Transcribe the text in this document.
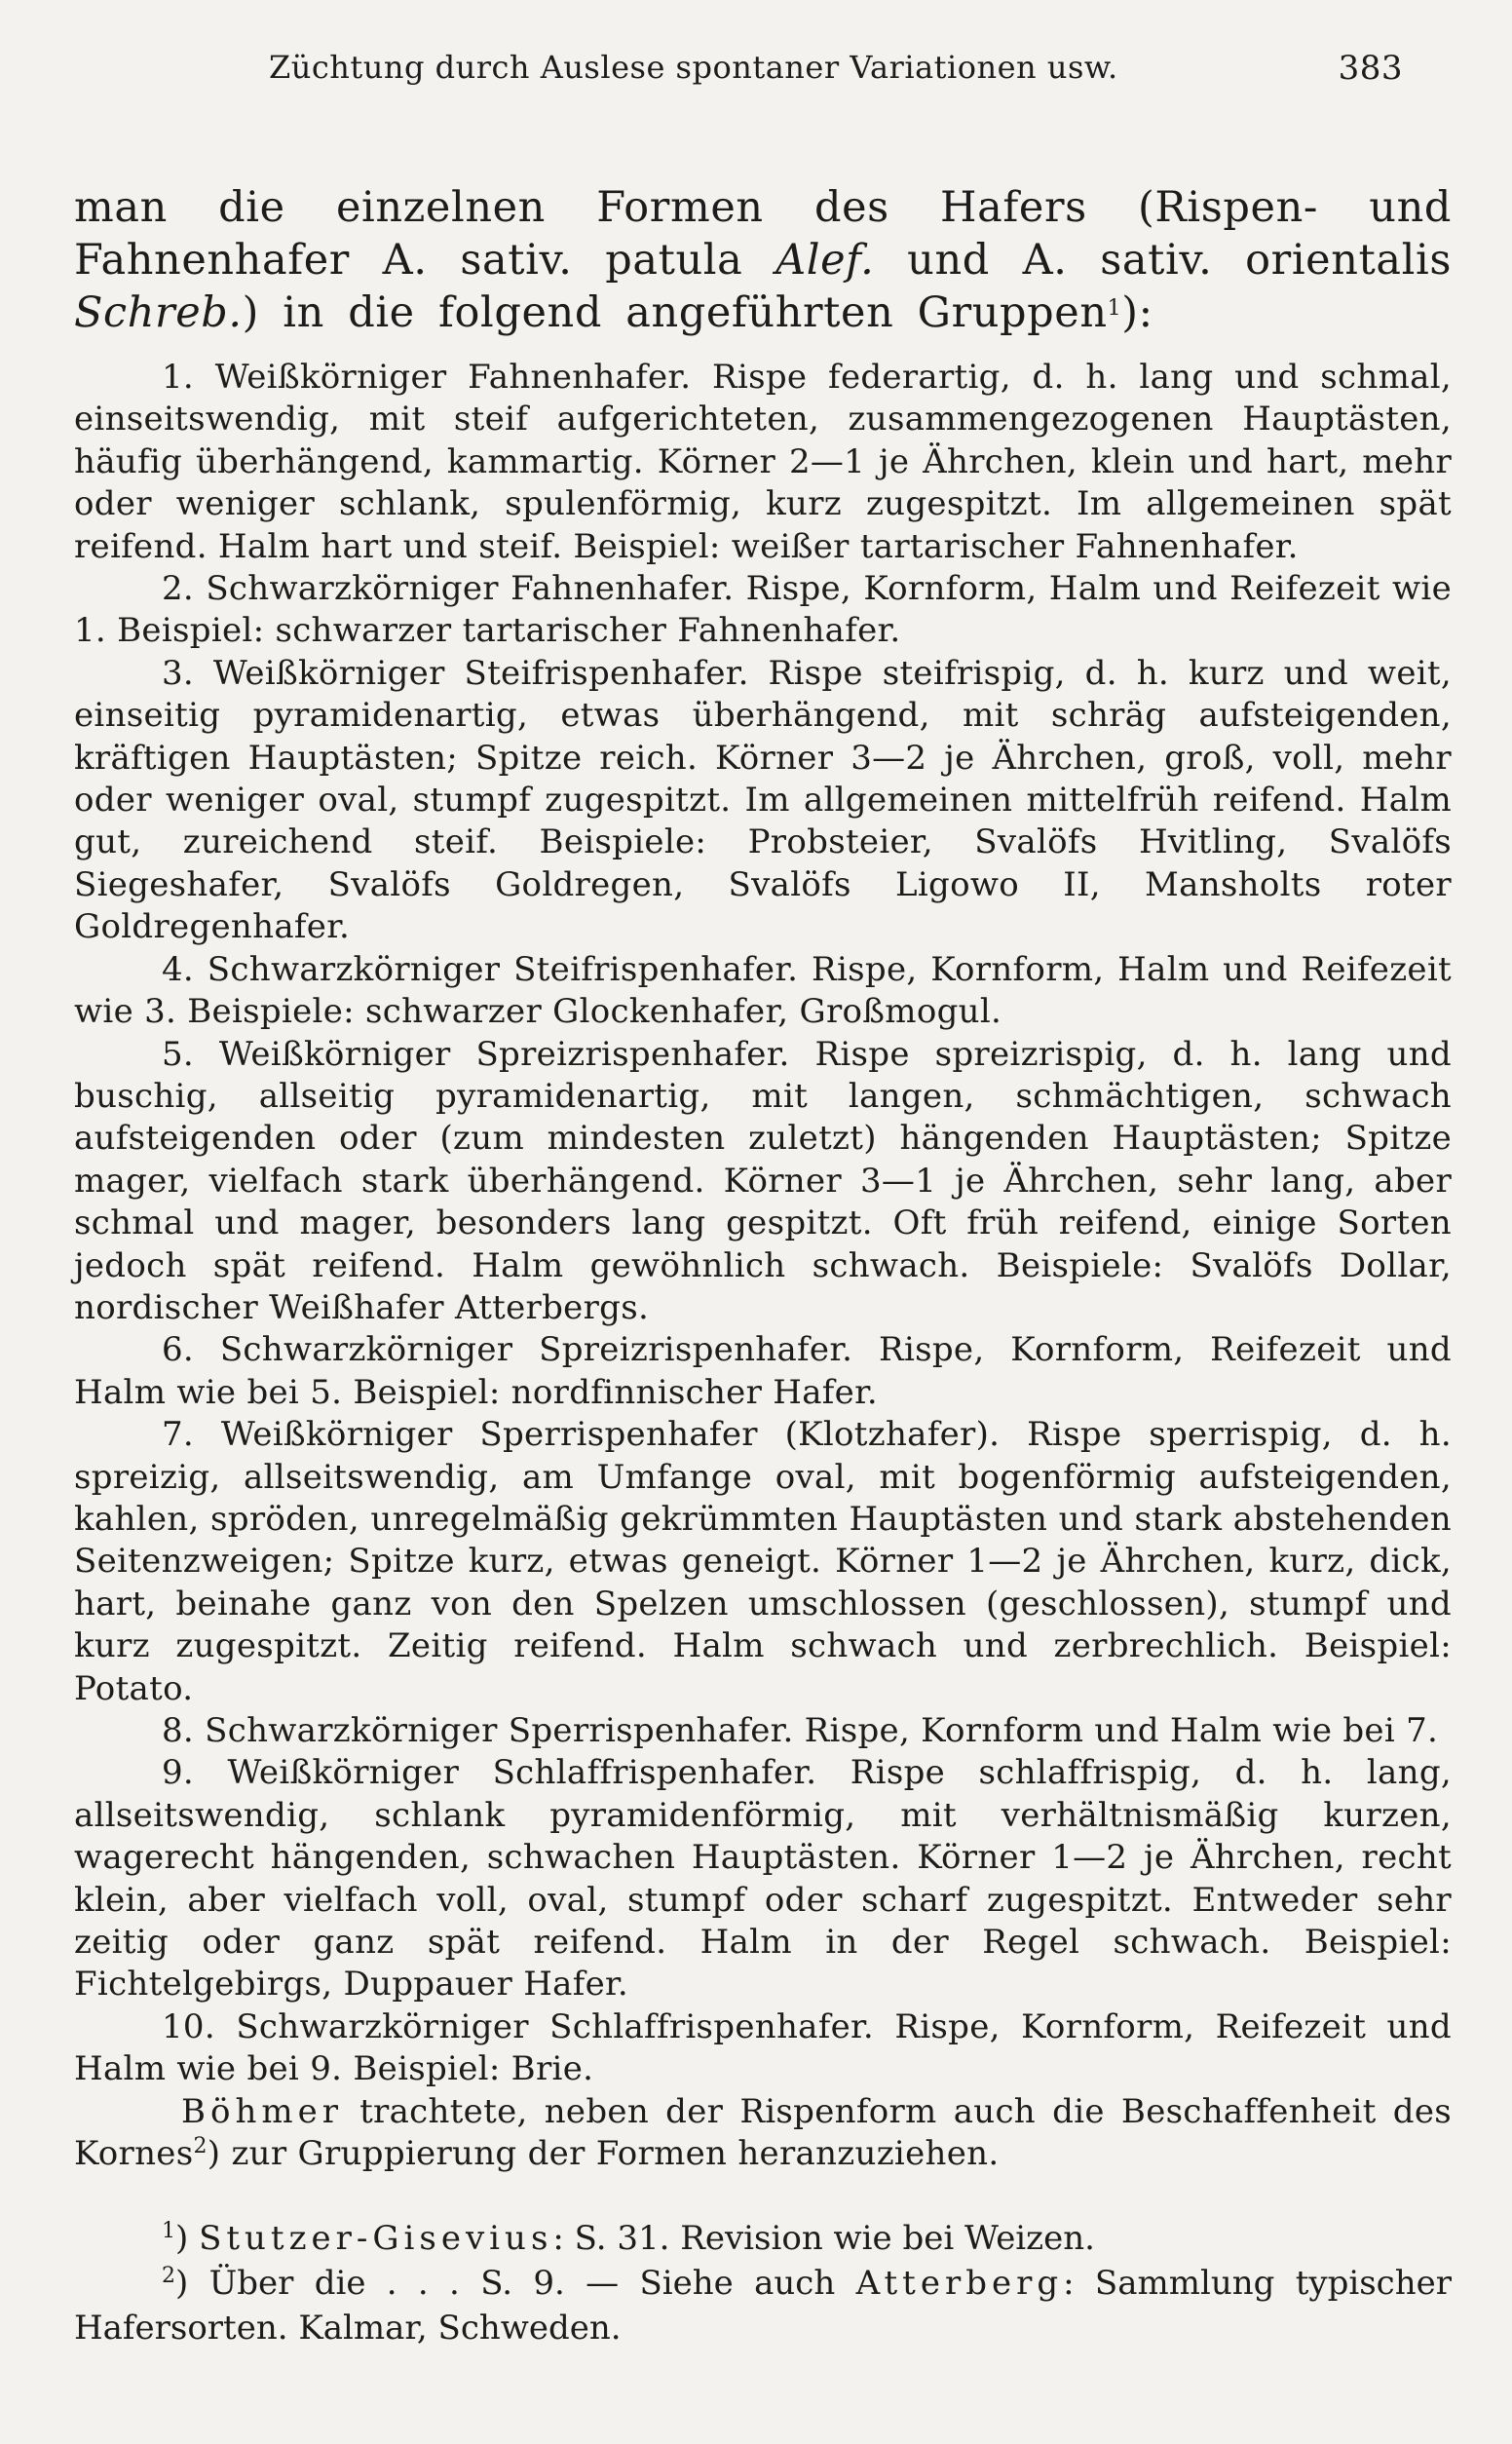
Züchtung durch Auslese spontaner Variationen usw.	383
man die einzelnen Formen des Hafers (Rispen- und Fahnenhafer A. sativ. patula Alef. und A. sativ. orientalis Schreb.) in die folgend angeführten Gruppen$^1$):

1. Weißkörniger Fahnenhafer. Rispe federartig, d. h. lang und schmal, einseitswendig, mit steif aufgerichteten, zusammengezogenen Hauptästen, häufig überhängend, kammartig. Körner 2—1 je Ährchen, klein und hart, mehr oder weniger schlank, spulenförmig, kurz zugespitzt. Im allgemeinen spät reifend. Halm hart und steif. Beispiel: weißer tartarischer Fahnenhafer.

2. Schwarzkörniger Fahnenhafer. Rispe, Kornform, Halm und Reifezeit wie 1. Beispiel: schwarzer tartarischer Fahnenhafer.

3. Weißkörniger Steifrispenhafer. Rispe steifrispig, d. h. kurz und weit, einseitig pyramidenartig, etwas überhängend, mit schräg aufsteigenden, kräftigen Hauptästen; Spitze reich. Körner 3—2 je Ährchen, groß, voll, mehr oder weniger oval, stumpf zugespitzt. Im allgemeinen mittelfrüh reifend. Halm gut, zureichend steif. Beispiele: Probsteier, Svalöfs Hvitling, Svalöfs Siegeshafer, Svalöfs Goldregen, Svalöfs Ligowo II, Mansholts roter Goldregenhafer.

4. Schwarzkörniger Steifrispenhafer. Rispe, Kornform, Halm und Reifezeit wie 3. Beispiele: schwarzer Glockenhafer, Großmogul.

5. Weißkörniger Spreizrispenhafer. Rispe spreizrispig, d. h. lang und buschig, allseitig pyramidenartig, mit langen, schmächtigen, schwach aufsteigenden oder (zum mindesten zuletzt) hängenden Hauptästen; Spitze mager, vielfach stark überhängend. Körner 3—1 je Ährchen, sehr lang, aber schmal und mager, besonders lang gespitzt. Oft früh reifend, einige Sorten jedoch spät reifend. Halm gewöhnlich schwach. Beispiele: Svalöfs Dollar, nordischer Weißhafer Atterbergs.

6. Schwarzkörniger Spreizrispenhafer. Rispe, Kornform, Reifezeit und Halm wie bei 5. Beispiel: nordfinnischer Hafer.

7. Weißkörniger Sperrispenhafer (Klotzhafer). Rispe sperrispig, d. h. spreizig, allseitswendig, am Umfange oval, mit bogenförmig aufsteigenden, kahlen, spröden, unregelmäßig gekrümmten Hauptästen und stark abstehenden Seitenzweigen; Spitze kurz, etwas geneigt. Körner 1—2 je Ährchen, kurz, dick, hart, beinahe ganz von den Spelzen umschlossen (geschlossen), stumpf und kurz zugespitzt. Zeitig reifend. Halm schwach und zerbrechlich. Beispiel: Potato.

8. Schwarzkörniger Sperrispenhafer. Rispe, Kornform und Halm wie bei 7.

9. Weißkörniger Schlaffrispenhafer. Rispe schlaffrispig, d. h. lang, allseitswendig, schlank pyramidenförmig, mit verhältnismäßig kurzen, wagerecht hängenden, schwachen Hauptästen. Körner 1—2 je Ährchen, recht klein, aber vielfach voll, oval, stumpf oder scharf zugespitzt. Entweder sehr zeitig oder ganz spät reifend. Halm in der Regel schwach. Beispiel: Fichtelgebirgs, Duppauer Hafer.

10. Schwarzkörniger Schlaffrispenhafer. Rispe, Kornform, Reifezeit und Halm wie bei 9. Beispiel: Brie.

Böhmer trachtete, neben der Rispenform auch die Beschaffenheit des Kornes$^2$) zur Gruppierung der Formen heranzuziehen.

$^1$) Stutzer-Gisevius: S. 31. Revision wie bei Weizen.

$^2$) Über die . . . S. 9. — Siehe auch Atterberg: Sammlung typischer Hafersorten. Kalmar, Schweden.
